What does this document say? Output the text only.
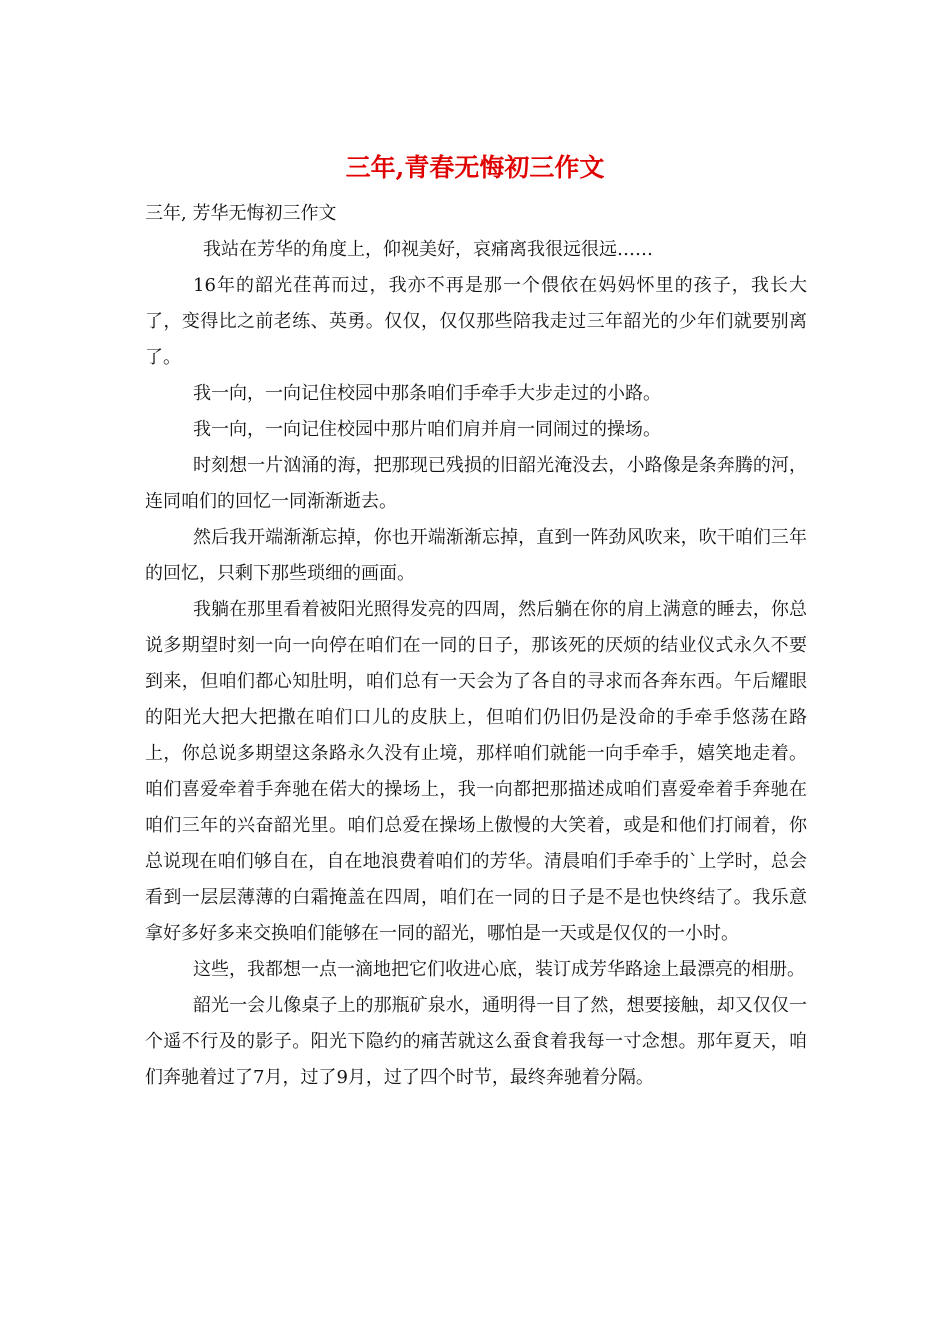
三年,青春无悔初三作文

三年, 芳华无悔初三作文

我站在芳华的角度上，仰视美好，哀痛离我很远很远……

16年的韶光荏苒而过，我亦不再是那一个偎依在妈妈怀里的孩子，我长大了，变得比之前老练、英勇。仅仅，仅仅那些陪我走过三年韶光的少年们就要别离了。

我一向，一向记住校园中那条咱们手牵手大步走过的小路。

我一向，一向记住校园中那片咱们肩并肩一同闹过的操场。

时刻想一片汹涌的海，把那现已残损的旧韶光淹没去，小路像是条奔腾的河，连同咱们的回忆一同渐渐逝去。

然后我开端渐渐忘掉，你也开端渐渐忘掉，直到一阵劲风吹来，吹干咱们三年的回忆，只剩下那些琐细的画面。

我躺在那里看着被阳光照得发亮的四周，然后躺在你的肩上满意的睡去，你总说多期望时刻一向一向停在咱们在一同的日子，那该死的厌烦的结业仪式永久不要到来，但咱们都心知肚明，咱们总有一天会为了各自的寻求而各奔东西。午后耀眼的阳光大把大把撒在咱们口儿的皮肤上，但咱们仍旧仍是没命的手牵手悠荡在路上，你总说多期望这条路永久没有止境，那样咱们就能一向手牵手，嬉笑地走着。咱们喜爱牵着手奔驰在偌大的操场上，我一向都把那描述成咱们喜爱牵着手奔驰在咱们三年的兴奋韶光里。咱们总爱在操场上傲慢的大笑着，或是和他们打闹着，你总说现在咱们够自在，自在地浪费着咱们的芳华。清晨咱们手牵手的`上学时，总会看到一层层薄薄的白霜掩盖在四周，咱们在一同的日子是不是也快终结了。我乐意拿好多好多来交换咱们能够在一同的韶光，哪怕是一天或是仅仅的一小时。

这些，我都想一点一滴地把它们收进心底，装订成芳华路途上最漂亮的相册。

韶光一会儿像桌子上的那瓶矿泉水，通明得一目了然，想要接触，却又仅仅一个遥不行及的影子。阳光下隐约的痛苦就这么蚕食着我每一寸念想。那年夏天，咱们奔驰着过了7月，过了9月，过了四个时节，最终奔驰着分隔。
